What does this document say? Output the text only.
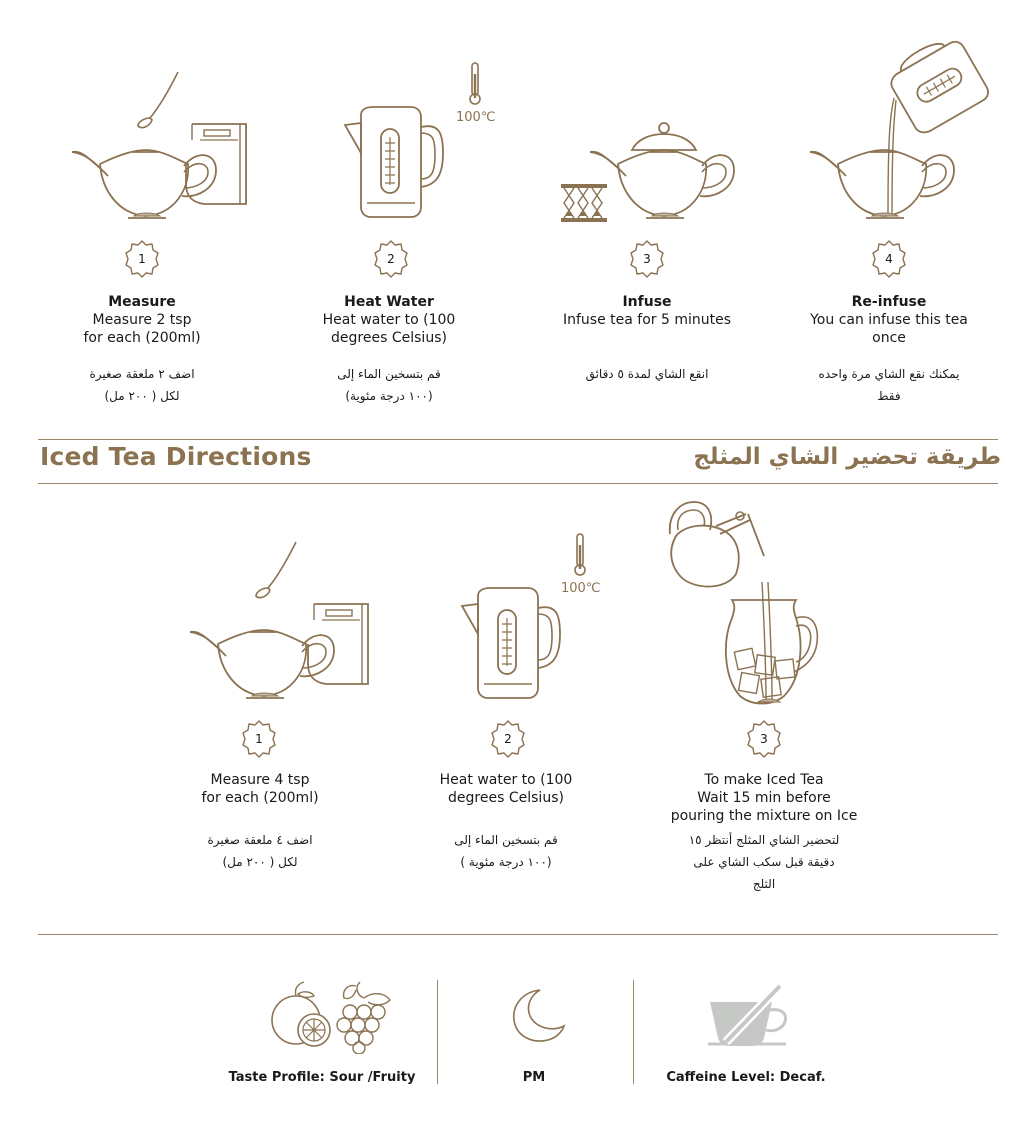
100℃
1	2	3	4
Measure
Measure 2 tsp
for each (200ml)
اضف ٢ ملعقة صغيرة
لكل ( ٢٠٠ مل)
Heat Water
Heat water to (100
degrees Celsius)
قم بتسخين الماء إلى
(١٠٠ درجة مئوية)
Infuse
Infuse tea for 5 minutes
انقع الشاي لمدة ٥ دقائق
Re-infuse
You can infuse this tea
once
يمكنك نقع الشاي مرة واحده
فقط
Iced Tea Directions	طريقة تحضير الشاي المثلج
100℃
1	2	3
Measure 4 tsp
for each (200ml)
اضف ٤ ملعقة صغيرة
لكل ( ٢٠٠ مل)
Heat water to (100
degrees Celsius)
قم بتسخين الماء إلى
(١٠٠ درجة مئوية )
To make Iced Tea
Wait 15 min before
pouring the mixture on Ice
لتحضير الشاي المثلج أنتظر ١٥
دقيقة قبل سكب الشاي على
الثلج
Taste Profile: Sour /Fruity	PM	Caffeine Level: Decaf.
